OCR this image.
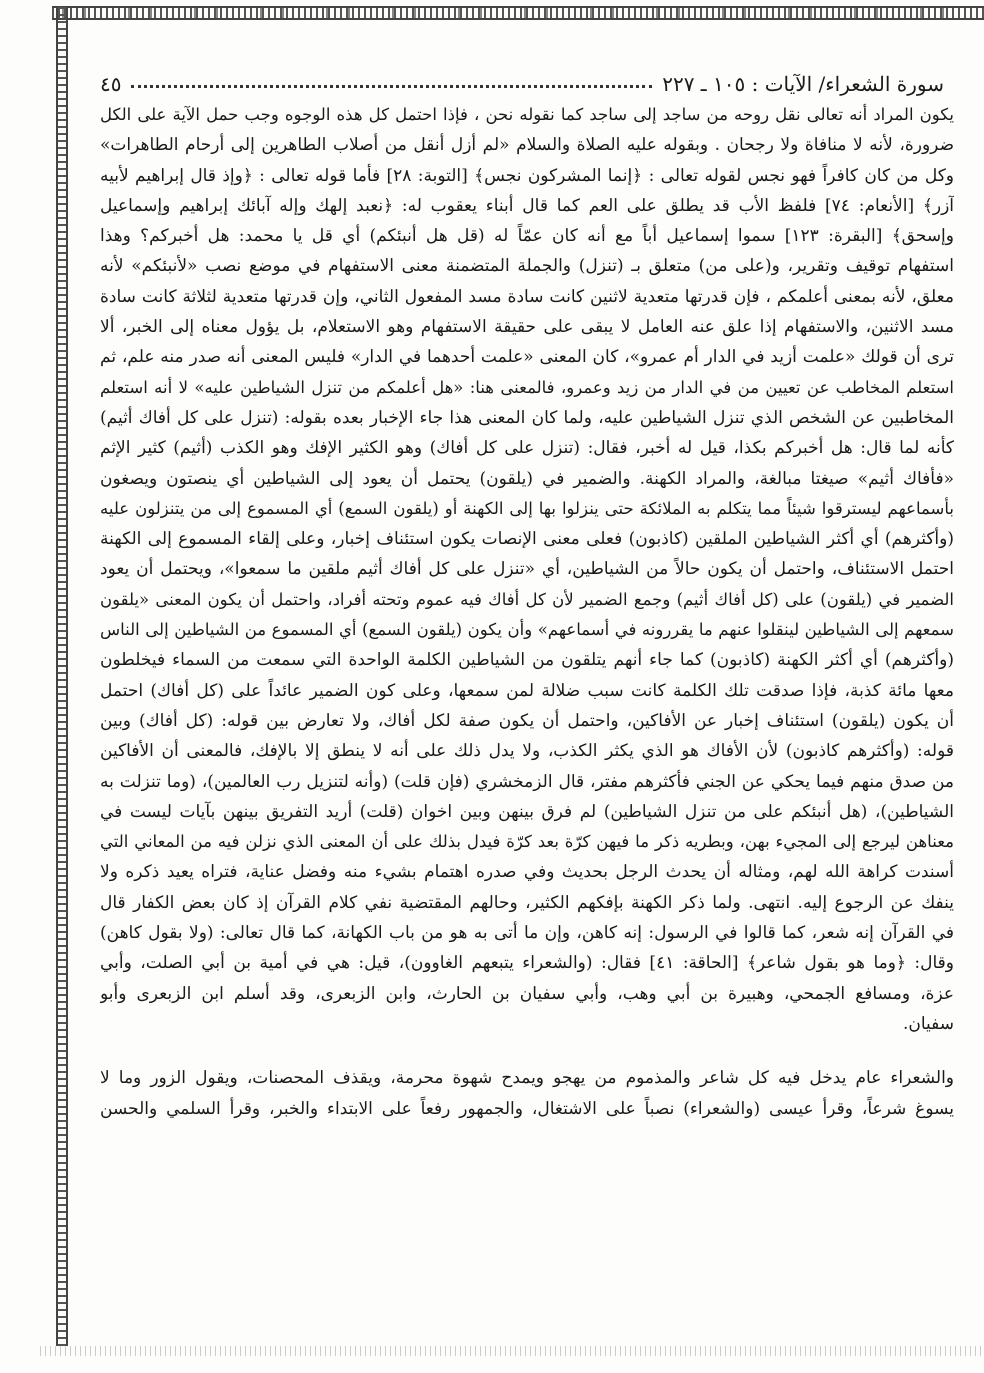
سورة الشعراء/ الآيات : ١٠٥ ـ ٢٢٧
٤٥
يكون المراد أنه تعالى نقل روحه من ساجد إلى ساجد كما نقوله نحن ، فإذا احتمل كل هذه الوجوه وجب حمل الآية على الكل
ضرورة، لأنه لا منافاة ولا رجحان . وبقوله عليه الصلاة والسلام «لم أزل أنقل من أصلاب الطاهرين إلى أرحام الطاهرات»
وكل من كان كافراً فهو نجس لقوله تعالى : ﴿إنما المشركون نجس﴾ [التوبة: ٢٨] فأما قوله تعالى : ﴿وإذ قال إبراهيم لأبيه
آزر﴾ [الأنعام: ٧٤] فلفظ الأب قد يطلق على العم كما قال أبناء يعقوب له: ﴿نعبد إلهك وإله آبائك إبراهيم وإسماعيل
وإسحق﴾ [البقرة: ١٢٣] سموا إسماعيل أباً مع أنه كان عمّاً له (قل هل أنبئكم) أي قل يا محمد: هل أخبركم؟ وهذا
استفهام توقيف وتقرير، و(على من) متعلق بـ (تنزل) والجملة المتضمنة معنى الاستفهام في موضع نصب «لأنبئكم» لأنه
معلق، لأنه بمعنى أعلمكم ، فإن قدرتها متعدية لاثنين كانت سادة مسد المفعول الثاني، وإن قدرتها متعدية لثلاثة كانت سادة
مسد الاثنين، والاستفهام إذا علق عنه العامل لا يبقى على حقيقة الاستفهام وهو الاستعلام، بل يؤول معناه إلى الخبر، ألا
ترى أن قولك «علمت أزيد في الدار أم عمرو»، كان المعنى «علمت أحدهما في الدار» فليس المعنى أنه صدر منه علم، ثم
استعلم المخاطب عن تعيين من في الدار من زيد وعمرو، فالمعنى هنا: «هل أعلمكم من تنزل الشياطين عليه» لا أنه استعلم
المخاطبين عن الشخص الذي تنزل الشياطين عليه، ولما كان المعنى هذا جاء الإخبار بعده بقوله: (تنزل على كل أفاك أثيم)
كأنه لما قال: هل أخبركم بكذا، قيل له أخبر، فقال: (تنزل على كل أفاك) وهو الكثير الإفك وهو الكذب (أثيم) كثير الإثم
«فأفاك أثيم» صيغتا مبالغة، والمراد الكهنة. والضمير في (يلقون) يحتمل أن يعود إلى الشياطين أي ينصتون ويصغون
بأسماعهم ليسترقوا شيئاً مما يتكلم به الملائكة حتى ينزلوا بها إلى الكهنة أو (يلقون السمع) أي المسموع إلى من يتنزلون عليه
(وأكثرهم) أي أكثر الشياطين الملقين (كاذبون) فعلى معنى الإنصات يكون استئناف إخبار، وعلى إلقاء المسموع إلى الكهنة
احتمل الاستئناف، واحتمل أن يكون حالاً من الشياطين، أي «تنزل على كل أفاك أثيم ملقين ما سمعوا»، ويحتمل أن يعود
الضمير في (يلقون) على (كل أفاك أثيم) وجمع الضمير لأن كل أفاك فيه عموم وتحته أفراد، واحتمل أن يكون المعنى «يلقون
سمعهم إلى الشياطين لينقلوا عنهم ما يقررونه في أسماعهم» وأن يكون (يلقون السمع) أي المسموع من الشياطين إلى الناس
(وأكثرهم) أي أكثر الكهنة (كاذبون) كما جاء أنهم يتلقون من الشياطين الكلمة الواحدة التي سمعت من السماء فيخلطون
معها مائة كذبة، فإذا صدقت تلك الكلمة كانت سبب ضلالة لمن سمعها، وعلى كون الضمير عائداً على (كل أفاك) احتمل
أن يكون (يلقون) استئناف إخبار عن الأفاكين، واحتمل أن يكون صفة لكل أفاك، ولا تعارض بين قوله: (كل أفاك) وبين
قوله: (وأكثرهم كاذبون) لأن الأفاك هو الذي يكثر الكذب، ولا يدل ذلك على أنه لا ينطق إلا بالإفك، فالمعنى أن الأفاكين
من صدق منهم فيما يحكي عن الجني فأكثرهم مفتر، قال الزمخشري (فإن قلت) (وأنه لتنزيل رب العالمين)، (وما تنزلت به
الشياطين)، (هل أنبئكم على من تنزل الشياطين) لم فرق بينهن وبين اخوان (قلت) أريد التفريق بينهن بآيات ليست في
معناهن ليرجع إلى المجيء بهن، وبطريه ذكر ما فيهن كرّة بعد كرّة فيدل بذلك على أن المعنى الذي نزلن فيه من المعاني التي
أسندت كراهة الله لهم، ومثاله أن يحدث الرجل بحديث وفي صدره اهتمام بشيء منه وفضل عناية، فتراه يعيد ذكره ولا
ينفك عن الرجوع إليه. انتهى. ولما ذكر الكهنة بإفكهم الكثير، وحالهم المقتضية نفي كلام القرآن إذ كان بعض الكفار قال
في القرآن إنه شعر، كما قالوا في الرسول: إنه كاهن، وإن ما أتى به هو من باب الكهانة، كما قال تعالى: (ولا بقول كاهن)
وقال: ﴿وما هو بقول شاعر﴾ [الحاقة: ٤١] فقال: (والشعراء يتبعهم الغاوون)، قيل: هي في أمية بن أبي الصلت، وأبي
عزة، ومسافع الجمحي، وهبيرة بن أبي وهب، وأبي سفيان بن الحارث، وابن الزبعرى، وقد أسلم ابن الزبعرى وأبو
سفيان.
والشعراء عام يدخل فيه كل شاعر والمذموم من يهجو ويمدح شهوة محرمة، ويقذف المحصنات، ويقول الزور وما لا
يسوغ شرعاً، وقرأ عيسى (والشعراء) نصباً على الاشتغال، والجمهور رفعاً على الابتداء والخبر، وقرأ السلمي والحسن
